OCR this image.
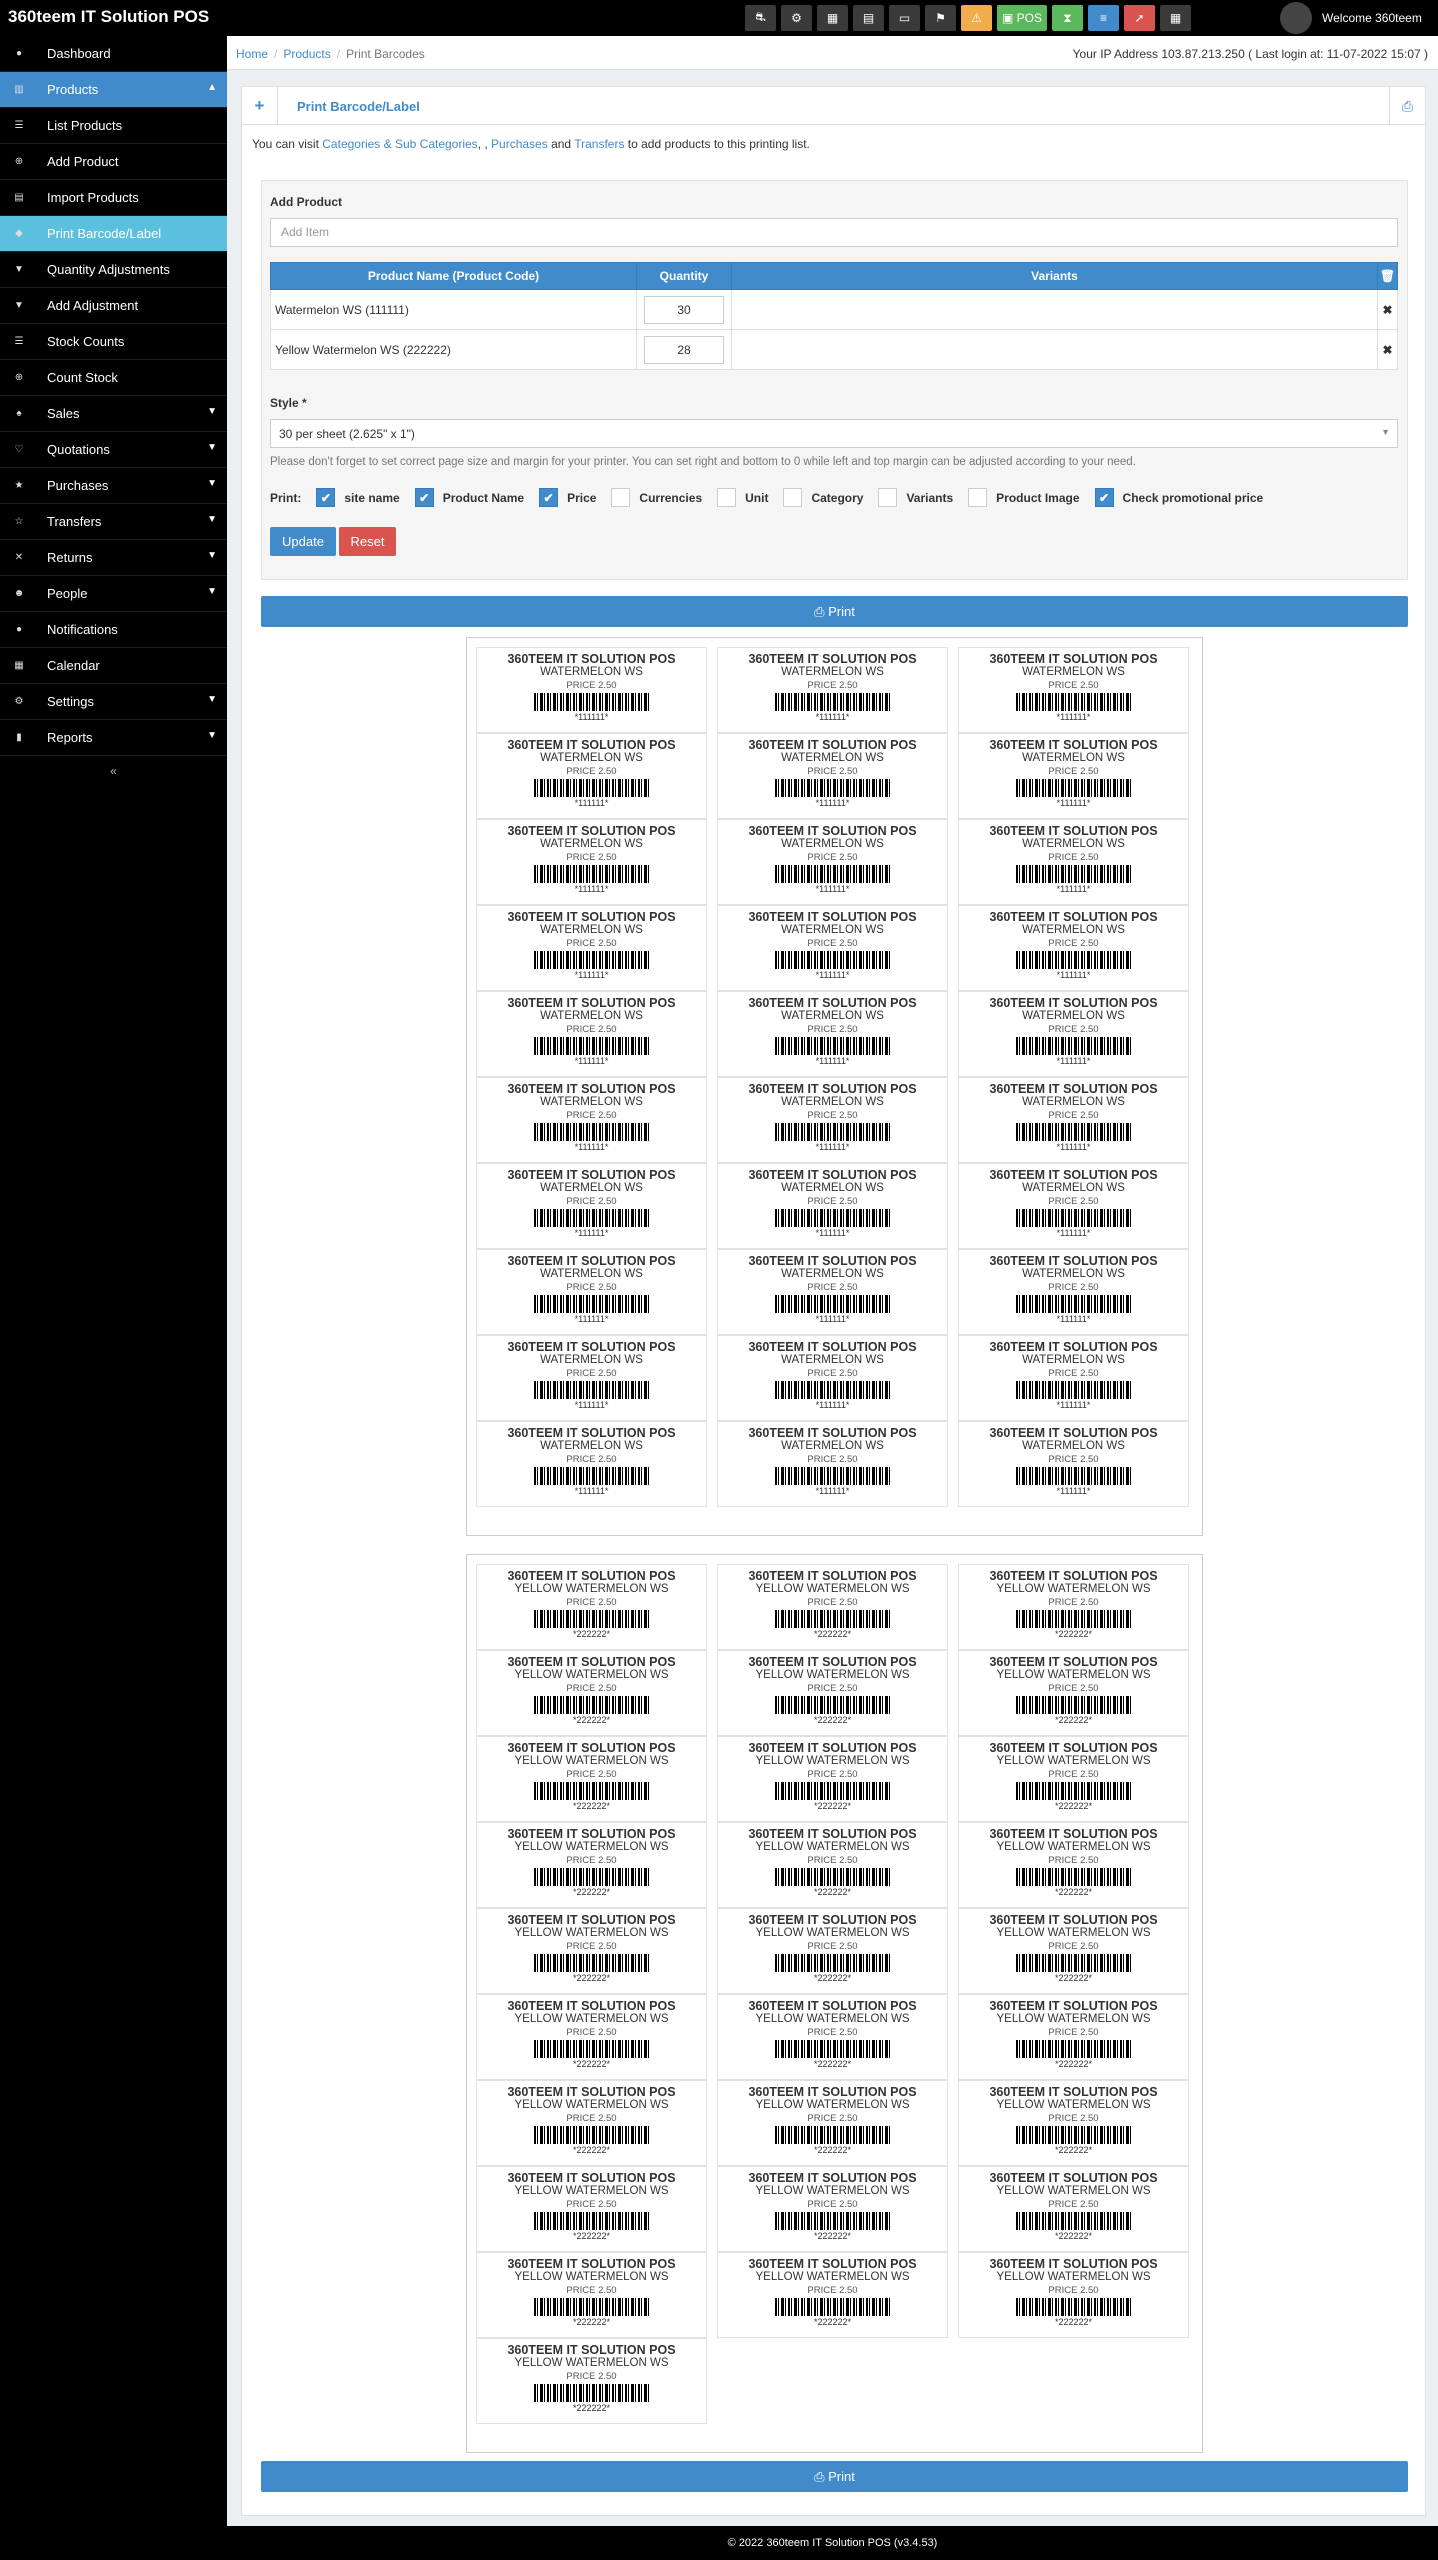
360teem IT Solution POS	⛐	⚙	▦	▤	▭	⚑	⚠	▣ POS	⧗	≡	➚	▦	Welcome 360teem
●	Dashboard
▥ Products	▲
☰ List Products
⊕ Add Product
▤ Import Products
◆ Print Barcode/Label
▼ Quantity Adjustments
▼ Add Adjustment
☰ Stock Counts
⊕ Count Stock
♠	Sales	▼
♡ Quotations	▼
★ Purchases	▼
☆ Transfers	▼
✕ Returns	▼
☻ People	▼
●	Notifications
▦ Calendar
⚙ Settings	▼
▮	Reports	▼
«
Home / Products / Print Barcodes	Your IP Address 103.87.213.250 ( Last login at: 11-07-2022 15:07 )
+	Print Barcode/Label	⎙
You can visit Categories & Sub Categories, , Purchases and Transfers to add products to this printing list.
Add Product
Add Item
Product Name (Product Code)	Quantity	Variants	🗑
Watermelon WS (111111)	30		✖
Yellow Watermelon WS (222222)	28		✖
Style *
30 per sheet (2.625" x 1")	▼
Please don't forget to set correct page size and margin for your printer. You can set right and bottom to 0 while left and top margin can be adjusted according to your need.
Print:	✔	site name	✔	Product Name	✔	Price	Currencies	Unit	Category	Variants	Product Image	✔	Check promotional price
Update	Reset
⎙ Print
360TEEM IT SOLUTION POS
WATERMELON WS
PRICE 2.50
*111111*
360TEEM IT SOLUTION POS
WATERMELON WS
PRICE 2.50
*111111*
360TEEM IT SOLUTION POS
WATERMELON WS
PRICE 2.50
*111111*
360TEEM IT SOLUTION POS
WATERMELON WS
PRICE 2.50
*111111*
360TEEM IT SOLUTION POS
WATERMELON WS
PRICE 2.50
*111111*
360TEEM IT SOLUTION POS
WATERMELON WS
PRICE 2.50
*111111*
360TEEM IT SOLUTION POS
WATERMELON WS
PRICE 2.50
*111111*
360TEEM IT SOLUTION POS
WATERMELON WS
PRICE 2.50
*111111*
360TEEM IT SOLUTION POS
WATERMELON WS
PRICE 2.50
*111111*
360TEEM IT SOLUTION POS
WATERMELON WS
PRICE 2.50
*111111*
360TEEM IT SOLUTION POS
WATERMELON WS
PRICE 2.50
*111111*
360TEEM IT SOLUTION POS
WATERMELON WS
PRICE 2.50
*111111*
360TEEM IT SOLUTION POS
WATERMELON WS
PRICE 2.50
*111111*
360TEEM IT SOLUTION POS
WATERMELON WS
PRICE 2.50
*111111*
360TEEM IT SOLUTION POS
WATERMELON WS
PRICE 2.50
*111111*
360TEEM IT SOLUTION POS
WATERMELON WS
PRICE 2.50
*111111*
360TEEM IT SOLUTION POS
WATERMELON WS
PRICE 2.50
*111111*
360TEEM IT SOLUTION POS
WATERMELON WS
PRICE 2.50
*111111*
360TEEM IT SOLUTION POS
WATERMELON WS
PRICE 2.50
*111111*
360TEEM IT SOLUTION POS
WATERMELON WS
PRICE 2.50
*111111*
360TEEM IT SOLUTION POS
WATERMELON WS
PRICE 2.50
*111111*
360TEEM IT SOLUTION POS
WATERMELON WS
PRICE 2.50
*111111*
360TEEM IT SOLUTION POS
WATERMELON WS
PRICE 2.50
*111111*
360TEEM IT SOLUTION POS
WATERMELON WS
PRICE 2.50
*111111*
360TEEM IT SOLUTION POS
WATERMELON WS
PRICE 2.50
*111111*
360TEEM IT SOLUTION POS
WATERMELON WS
PRICE 2.50
*111111*
360TEEM IT SOLUTION POS
WATERMELON WS
PRICE 2.50
*111111*
360TEEM IT SOLUTION POS
WATERMELON WS
PRICE 2.50
*111111*
360TEEM IT SOLUTION POS
WATERMELON WS
PRICE 2.50
*111111*
360TEEM IT SOLUTION POS
WATERMELON WS
PRICE 2.50
*111111*
360TEEM IT SOLUTION POS
YELLOW WATERMELON WS
PRICE 2.50
*222222*
360TEEM IT SOLUTION POS
YELLOW WATERMELON WS
PRICE 2.50
*222222*
360TEEM IT SOLUTION POS
YELLOW WATERMELON WS
PRICE 2.50
*222222*
360TEEM IT SOLUTION POS
YELLOW WATERMELON WS
PRICE 2.50
*222222*
360TEEM IT SOLUTION POS
YELLOW WATERMELON WS
PRICE 2.50
*222222*
360TEEM IT SOLUTION POS
YELLOW WATERMELON WS
PRICE 2.50
*222222*
360TEEM IT SOLUTION POS
YELLOW WATERMELON WS
PRICE 2.50
*222222*
360TEEM IT SOLUTION POS
YELLOW WATERMELON WS
PRICE 2.50
*222222*
360TEEM IT SOLUTION POS
YELLOW WATERMELON WS
PRICE 2.50
*222222*
360TEEM IT SOLUTION POS
YELLOW WATERMELON WS
PRICE 2.50
*222222*
360TEEM IT SOLUTION POS
YELLOW WATERMELON WS
PRICE 2.50
*222222*
360TEEM IT SOLUTION POS
YELLOW WATERMELON WS
PRICE 2.50
*222222*
360TEEM IT SOLUTION POS
YELLOW WATERMELON WS
PRICE 2.50
*222222*
360TEEM IT SOLUTION POS
YELLOW WATERMELON WS
PRICE 2.50
*222222*
360TEEM IT SOLUTION POS
YELLOW WATERMELON WS
PRICE 2.50
*222222*
360TEEM IT SOLUTION POS
YELLOW WATERMELON WS
PRICE 2.50
*222222*
360TEEM IT SOLUTION POS
YELLOW WATERMELON WS
PRICE 2.50
*222222*
360TEEM IT SOLUTION POS
YELLOW WATERMELON WS
PRICE 2.50
*222222*
360TEEM IT SOLUTION POS
YELLOW WATERMELON WS
PRICE 2.50
*222222*
360TEEM IT SOLUTION POS
YELLOW WATERMELON WS
PRICE 2.50
*222222*
360TEEM IT SOLUTION POS
YELLOW WATERMELON WS
PRICE 2.50
*222222*
360TEEM IT SOLUTION POS
YELLOW WATERMELON WS
PRICE 2.50
*222222*
360TEEM IT SOLUTION POS
YELLOW WATERMELON WS
PRICE 2.50
*222222*
360TEEM IT SOLUTION POS
YELLOW WATERMELON WS
PRICE 2.50
*222222*
360TEEM IT SOLUTION POS
YELLOW WATERMELON WS
PRICE 2.50
*222222*
360TEEM IT SOLUTION POS
YELLOW WATERMELON WS
PRICE 2.50
*222222*
360TEEM IT SOLUTION POS
YELLOW WATERMELON WS
PRICE 2.50
*222222*
360TEEM IT SOLUTION POS
YELLOW WATERMELON WS
PRICE 2.50
*222222*
⎙ Print
© 2022 360teem IT Solution POS (v3.4.53)
